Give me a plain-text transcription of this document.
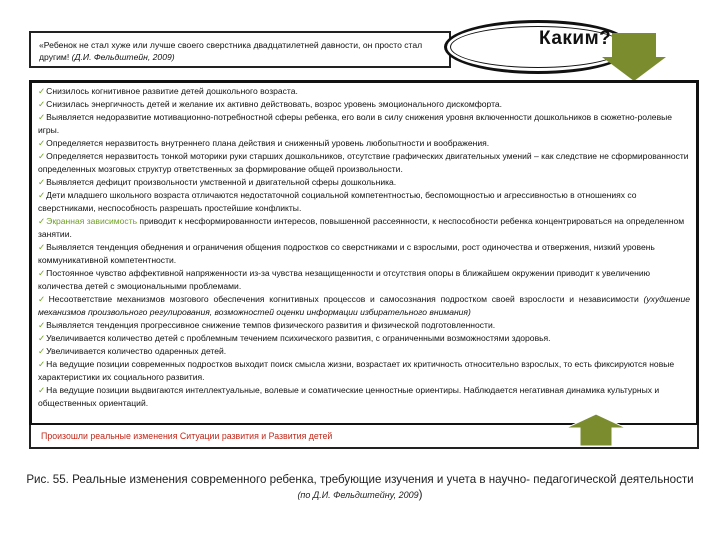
«Ребенок не стал хуже или лучше своего сверстника двадцатилетней давности, он просто стал другим! (Д.И. Фельдштейн, 2009)
Каким?

✓Снизилось когнитивное развитие детей дошкольного возраста.

✓Снизилась энергичность детей и желание их активно действовать, возрос уровень эмоционального дискомфорта.

✓Выявляется недоразвитие мотивационно-потребностной сферы ребенка, его воли в силу снижения уровня включенности дошкольников в сюжетно-ролевые игры.

✓Определяется неразвитость внутреннего плана действия и сниженный уровень любопытности и воображения.

✓Определяется неразвитость тонкой моторики руки старших дошкольников, отсутствие графических двигательных умений – как следствие не сформированности определенных мозговых структур ответственных за формирование общей произвольности.

✓Выявляется дефицит произвольности умственной и двигательной сферы дошкольника.

✓Дети младшего школьного возраста отличаются недостаточной социальной компетентностью, беспомощностью и агрессивностью в отношениях со сверстниками, неспособность разрешать простейшие конфликты.

✓Экранная зависимость приводит к несформированности интересов, повышенной рассеянности, к неспособности ребенка концентрироваться на определенном занятии.

✓Выявляется тенденция обеднения и ограничения общения подростков со сверстниками и с взрослыми, рост одиночества и отвержения, низкий уровень коммуникативной компетентности.

✓Постоянное чувство аффективной напряженности из-за чувства незащищенности и отсутствия опоры в ближайшем окружении приводит к увеличению количества детей с эмоциональными проблемами.

✓Несоответствие механизмов мозгового обеспечения когнитивных процессов и самосознания подростком своей взрослости и независимости (ухудшение механизмов произвольного регулирования, возможностей оценки информации избирательного внимания)

✓Выявляется тенденция прогрессивное снижение темпов физического развития и физической подготовленности.

✓Увеличивается количество детей с проблемным течением психического развития, с ограниченными возможностями здоровья.

✓Увеличивается количество одаренных детей.

✓На ведущие позиции современных подростков выходит поиск смысла жизни, возрастает их критичность относительно взрослых, то есть фиксируются новые характеристики их социального развития.

✓На ведущие позиции выдвигаются интеллектуальные, волевые и соматические ценностные ориентиры. Наблюдается негативная динамика культурных и общественных ориентаций.

Произошли реальные изменения Ситуации развития и Развития детей
Рис. 55. Реальные изменения современного ребенка, требующие изучения и учета в научно- педагогической деятельности (по Д.И. Фельдштейну, 2009)
